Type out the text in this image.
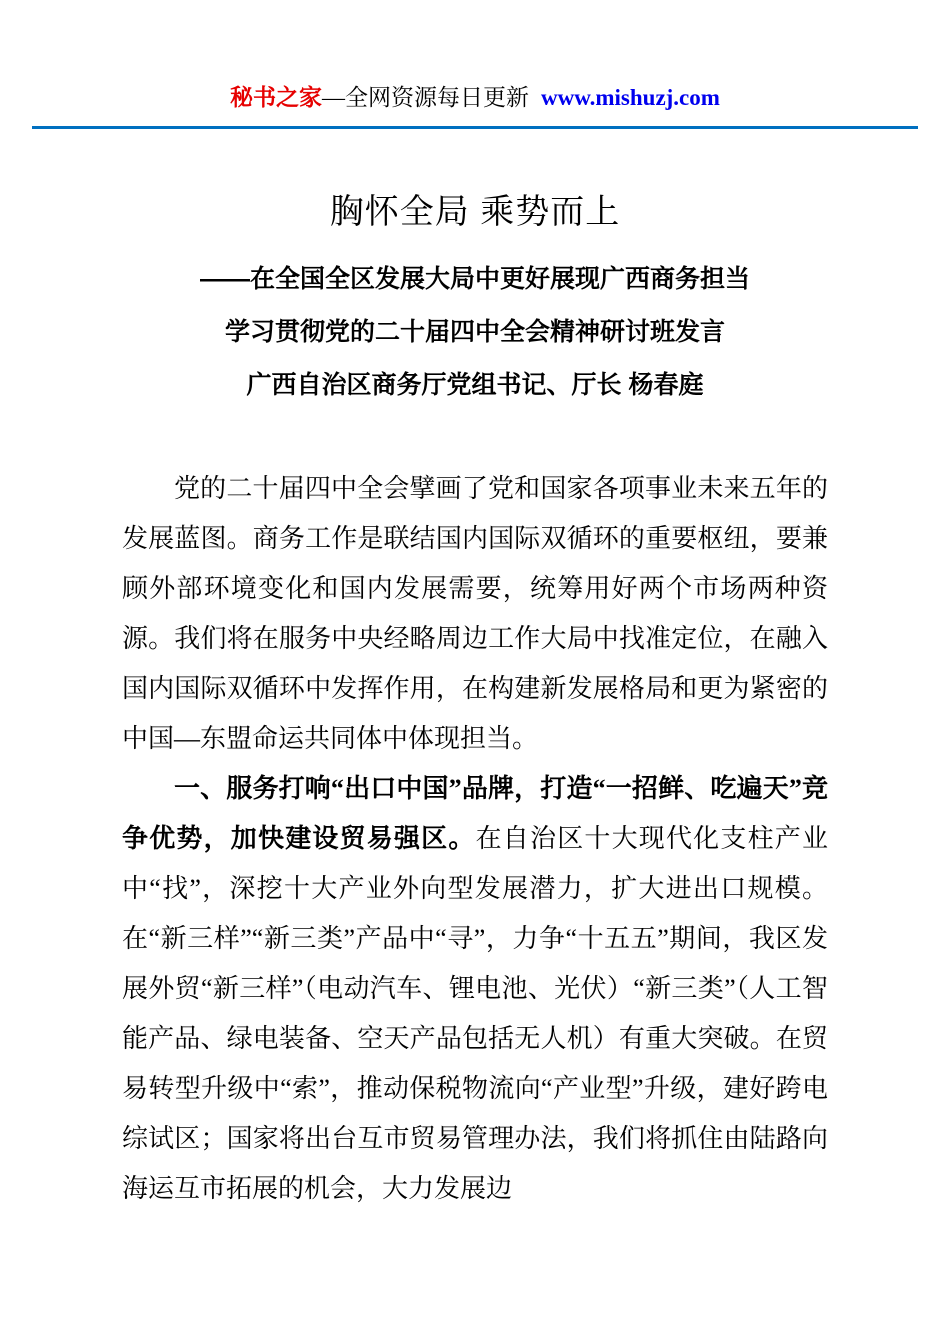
秘书之家—全网资源每日更新 www.mishuzj.com
胸怀全局 乘势而上
——在全国全区发展大局中更好展现广西商务担当
学习贯彻党的二十届四中全会精神研讨班发言
广西自治区商务厅党组书记、厅长 杨春庭

党的二十届四中全会擘画了党和国家各项事业未来五年的发展蓝图。商务工作是联结国内国际双循环的重要枢纽，要兼顾外部环境变化和国内发展需要，统筹用好两个市场两种资源。我们将在服务中央经略周边工作大局中找准定位，在融入国内国际双循环中发挥作用，在构建新发展格局和更为紧密的中国—东盟命运共同体中体现担当。

一、服务打响“出口中国”品牌，打造“一招鲜、吃遍天”竞争优势，加快建设贸易强区。在自治区十大现代化支柱产业中“找”，深挖十大产业外向型发展潜力，扩大进出口规模。在“新三样”“新三类”产品中“寻”，力争“十五五”期间，我区发展外贸“新三样”（电动汽车、锂电池、光伏）“新三类”（人工智能产品、绿电装备、空天产品包括无人机）有重大突破。在贸易转型升级中“索”，推动保税物流向“产业型”升级，建好跨电综试区；国家将出台互市贸易管理办法，我们将抓住由陆路向海运互市拓展的机会，大力发展边
